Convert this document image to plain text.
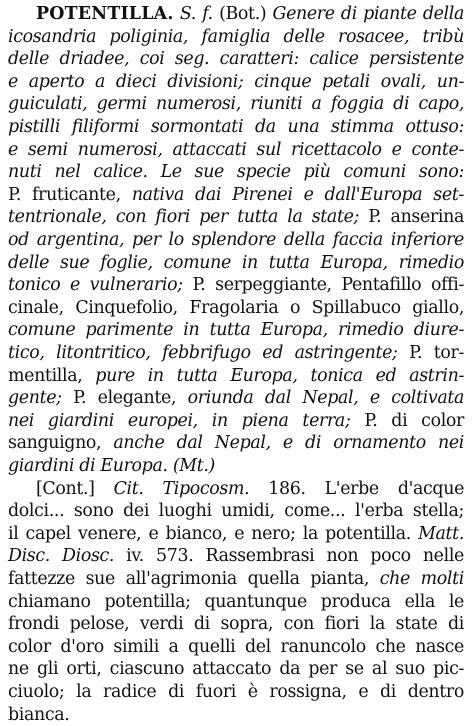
POTENTILLA. S. f. (Bot.) Genere di piante della
icosandria poliginia, famiglia delle rosacee, tribù
delle driadee, coi seg. caratteri: calice persistente
e aperto a dieci divisioni; cinque petali ovali, un-
guiculati, germi numerosi, riuniti a foggia di capo,
pistilli filiformi sormontati da una stimma ottuso:
e semi numerosi, attaccati sul ricettacolo e conte-
nuti nel calice. Le sue specie più comuni sono:
P. fruticante, nativa dai Pirenei e dall'Europa set-
tentrionale, con fiori per tutta la state; P. anserina
od argentina, per lo splendore della faccia inferiore
delle sue foglie, comune in tutta Europa, rimedio
tonico e vulnerario; P. serpeggiante, Pentafillo offi-
cinale, Cinquefolio, Fragolaria o Spillabuco giallo,
comune parimente in tutta Europa, rimedio diure-
tico, litontritico, febbrifugo ed astringente; P. tor-
mentilla, pure in tutta Europa, tonica ed astrin-
gente; P. elegante, oriunda dal Nepal, e coltivata
nei giardini europei, in piena terra; P. di color
sanguigno, anche dal Nepal, e di ornamento nei
giardini di Europa. (Mt.)
[Cont.] Cit. Tipocosm. 186. L'erbe d'acque
dolci... sono dei luoghi umidi, come... l'erba stella;
il capel venere, e bianco, e nero; la potentilla. Matt.
Disc. Diosc. iv. 573. Rassembrasi non poco nelle
fattezze sue all'agrimonia quella pianta, che molti
chiamano potentilla; quantunque produca ella le
frondi pelose, verdi di sopra, con fiori la state di
color d'oro simili a quelli del ranuncolo che nasce
ne gli orti, ciascuno attaccato da per se al suo pic-
ciuolo; la radice di fuori è rossigna, e di dentro
bianca.
